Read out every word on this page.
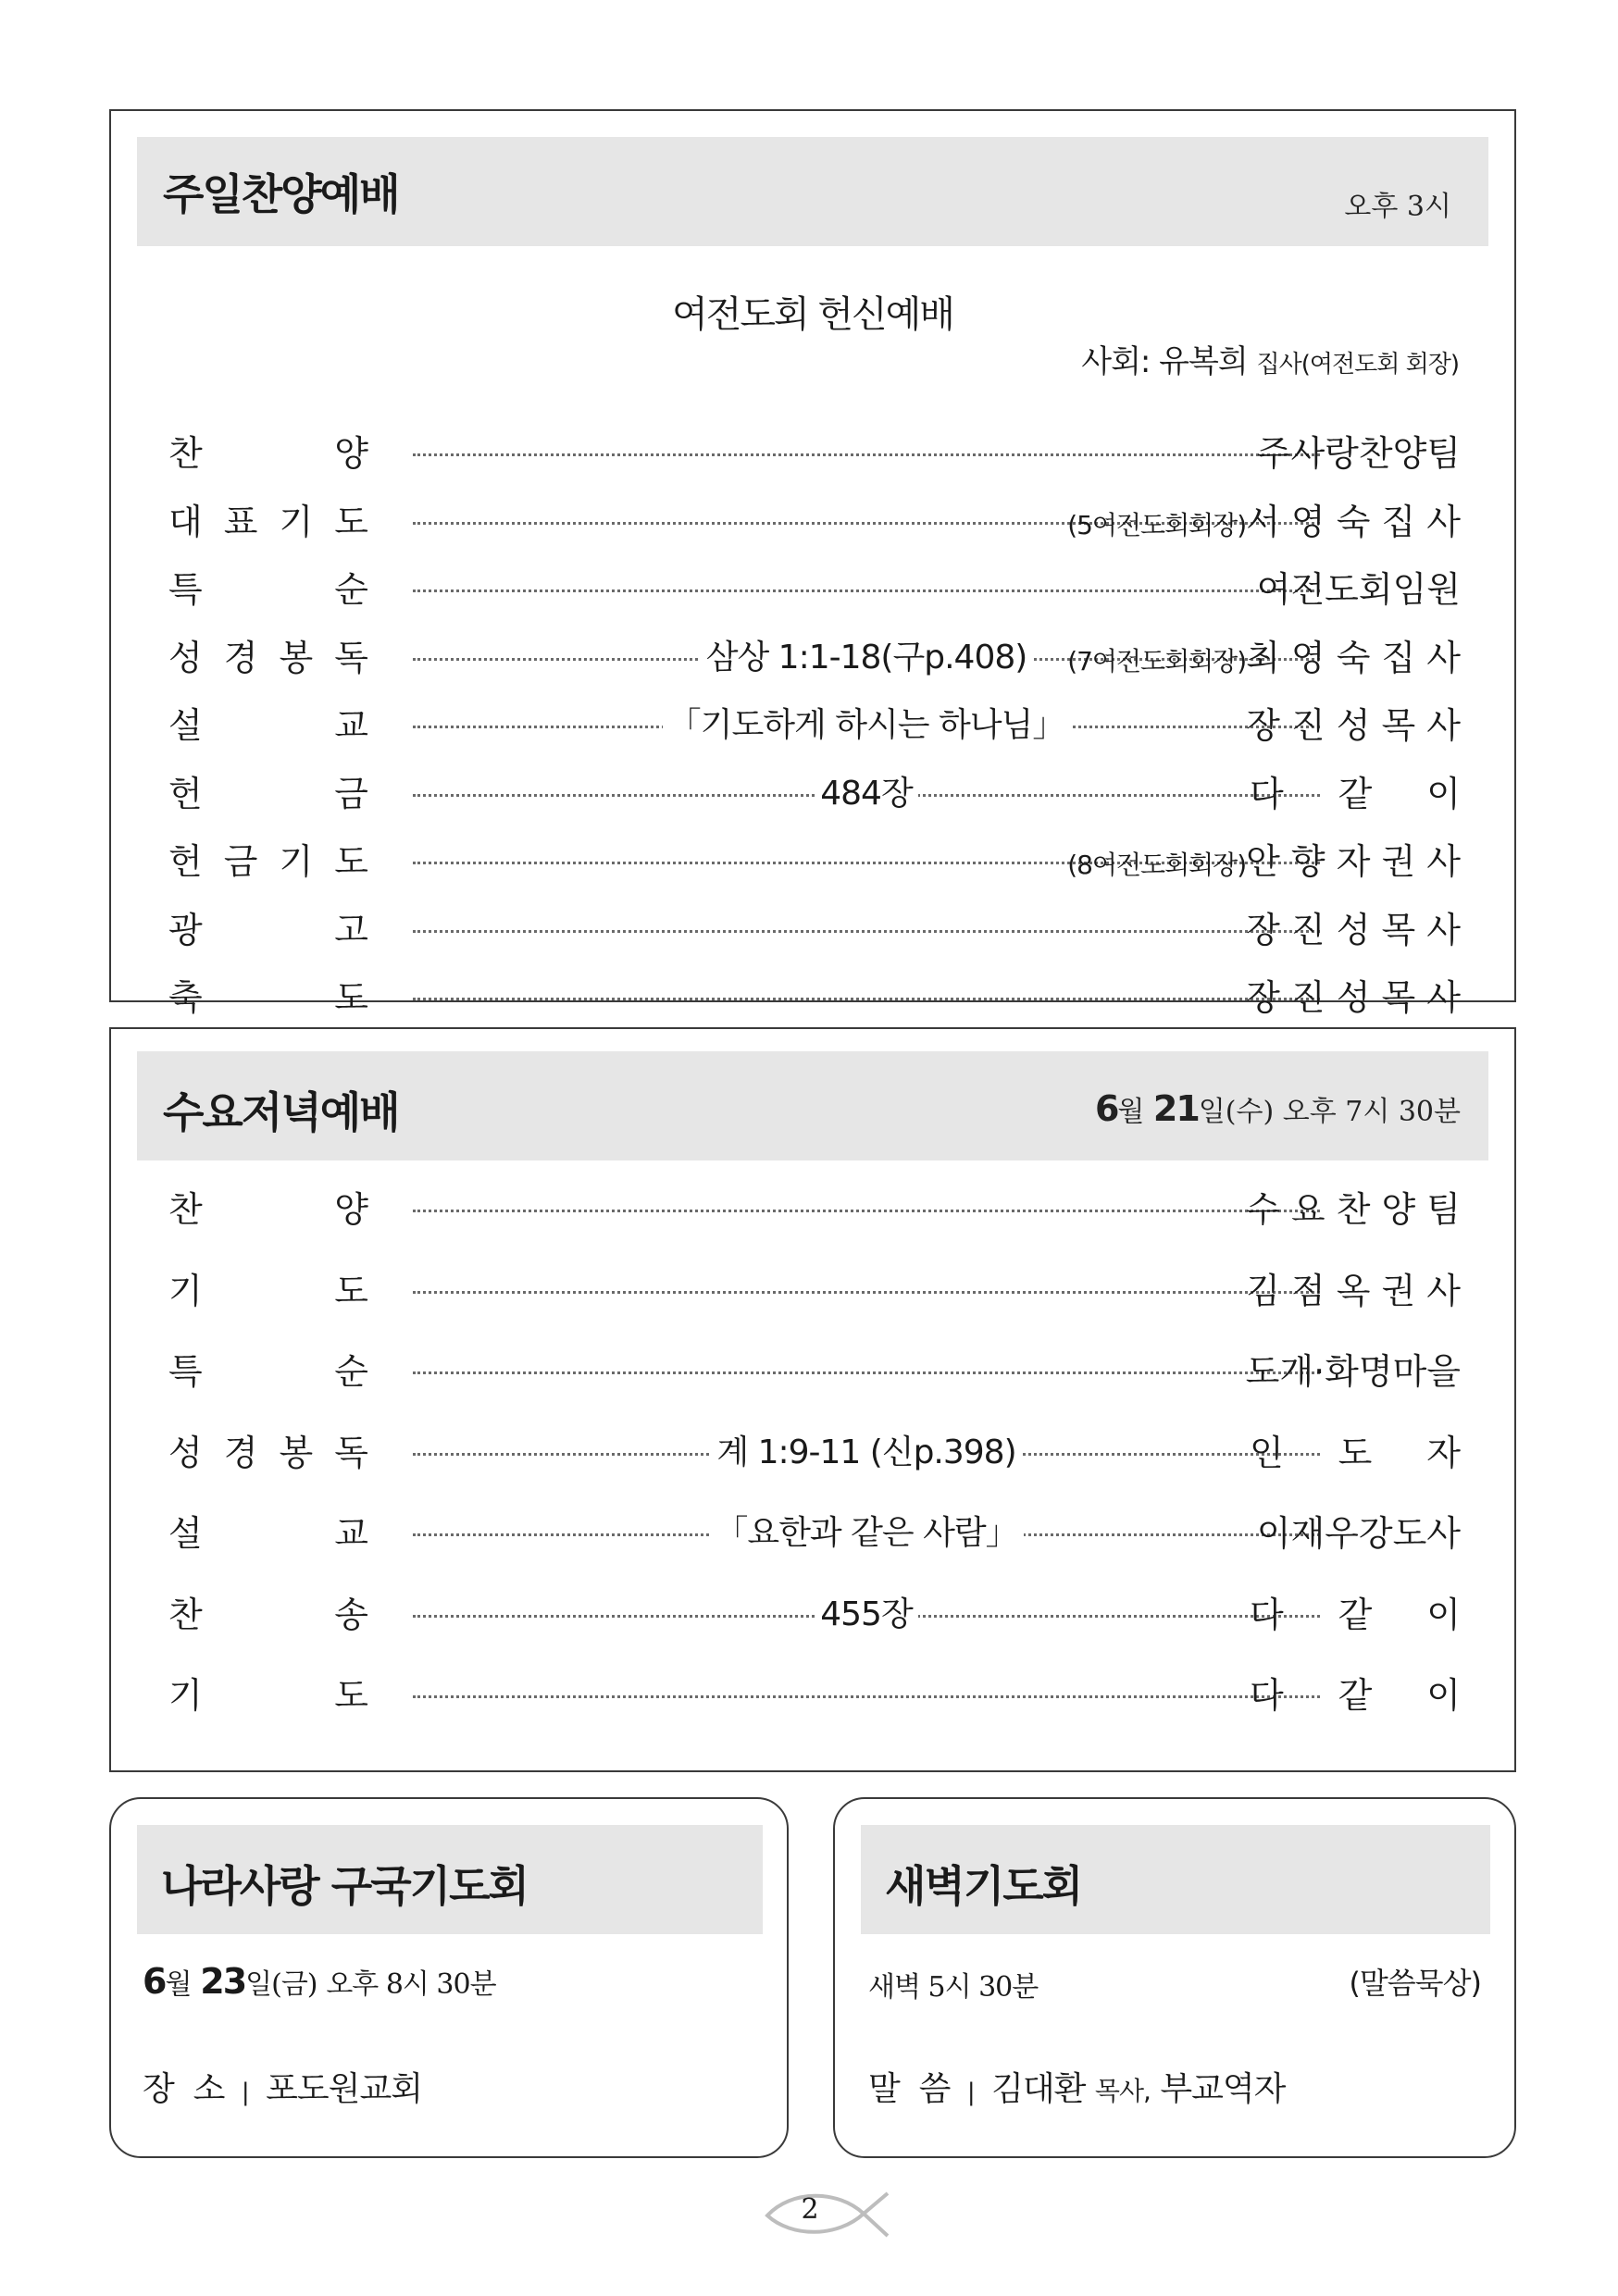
주일찬양예배	오후 3시
여전도회 헌신예배
사회: 유복희 집사(여전도회 회장)
찬	양	주사랑찬양팀
대 표 기 도	(5여전도회회장)서 영 숙 집 사
특	순	여전도회임원
성 경 봉 독	삼상 1:1-18(구p.408)	(7여전도회회장)최 영 숙 집 사
설	교	「기도하게 하시는 하나님」	장 진 성 목 사
헌	금	484장	다 같 이
헌 금 기 도	(8여전도회회장)안 향 자 권 사
광	고	장 진 성 목 사
축	도	장 진 성 목 사
수요저녁예배	6월 21일(수) 오후 7시 30분
찬	양	수 요 찬 양 팀
기	도	김 점 옥 권 사
특	순	도개·화명마을
성 경 봉 독	계 1:9-11 (신p.398)	인 도 자
설	교	「요한과 같은 사람」	이재우강도사
찬	송	455장	다 같 이
기	도	다 같 이
나라사랑 구국기도회
6월 23일(금) 오후 8시 30분
장  소 | 포도원교회
새벽기도회
새벽 5시 30분	(말씀묵상)
말  씀 | 김대환 목사, 부교역자
2
